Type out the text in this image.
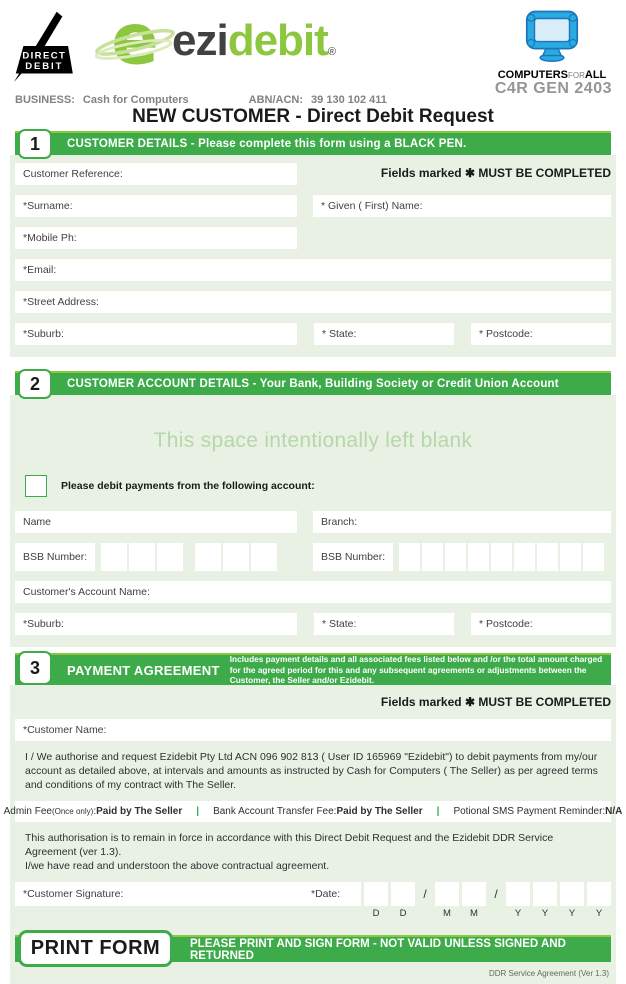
DIRECT
DEBIT e ezidebit®
COMPUTERSFORALL
C4R GEN 2403
BUSINESS: Cash for Computers	ABN/ACN: 39 130 102 411
NEW CUSTOMER - Direct Debit Request
1	CUSTOMER DETAILS - Please complete this form using a BLACK PEN.
Customer Reference:	Fields marked ✱ MUST BE COMPLETED
*Surname:	* Given ( First) Name:
*Mobile Ph:
*Email:
*Street Address:
*Suburb:	* State:	* Postcode:
2	CUSTOMER ACCOUNT DETAILS - Your Bank, Building Society or Credit Union Account
This space intentionally left blank
Please debit payments from the following account:
Name	Branch:
BSB Number:	BSB Number:
Customer's Account Name:
*Suburb:	* State:	* Postcode:
3	PAYMENT AGREEMENT
Includes payment details and all associated fees listed below and /or the total amount charged for the agreed period for this and any subsequent agreements or adjustments between the Customer, the Seller and/or Ezidebit.
Fields marked ✱ MUST BE COMPLETED
*Customer Name:
I / We authorise and request Ezidebit Pty Ltd ACN 096 902 813 ( User ID 165969 "Ezidebit") to debit payments from my/our account as detailed above, at intervals and amounts as instructed by Cash for Computers ( The Seller) as per agreed terms and conditions of my contract with The Seller.
Admin Fee (Once only) : Paid by The Seller | Bank Account Transfer Fee: Paid by The Seller | Potional SMS Payment Reminder: N/A
This authorisation is to remain in force in accordance with this Direct Debit Request and the Ezidebit DDR Service Agreement (ver 1.3).
I/we have read and understoon the above contractual agreement.
*Customer Signature:	*Date:
D D
/
M M
/
Y Y Y Y
PLEASE PRINT AND SIGN FORM - NOT VALID UNLESS SIGNED AND RETURNED
PRINT FORM
DDR Service Agreement (Ver 1.3)
